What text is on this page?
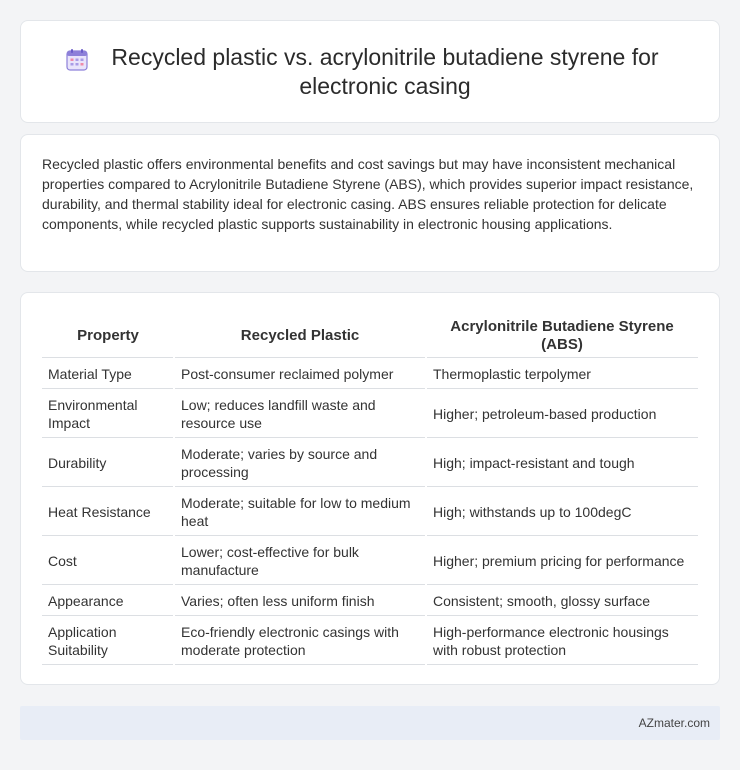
Recycled plastic vs. acrylonitrile butadiene styrene for electronic casing

Recycled plastic offers environmental benefits and cost savings but may have inconsistent mechanical properties compared to Acrylonitrile Butadiene Styrene (ABS), which provides superior impact resistance, durability, and thermal stability ideal for electronic casing. ABS ensures reliable protection for delicate components, while recycled plastic supports sustainability in electronic housing applications.

Property	Recycled Plastic	Acrylonitrile Butadiene Styrene (ABS)
Material Type	Post-consumer reclaimed polymer	Thermoplastic terpolymer
Environmental Impact	Low; reduces landfill waste and resource use	Higher; petroleum-based production
Durability	Moderate; varies by source and processing	High; impact-resistant and tough
Heat Resistance	Moderate; suitable for low to medium heat	High; withstands up to 100degC
Cost	Lower; cost-effective for bulk manufacture	Higher; premium pricing for performance
Appearance	Varies; often less uniform finish	Consistent; smooth, glossy surface
Application Suitability	Eco-friendly electronic casings with moderate protection	High-performance electronic housings with robust protection
AZmater.com
